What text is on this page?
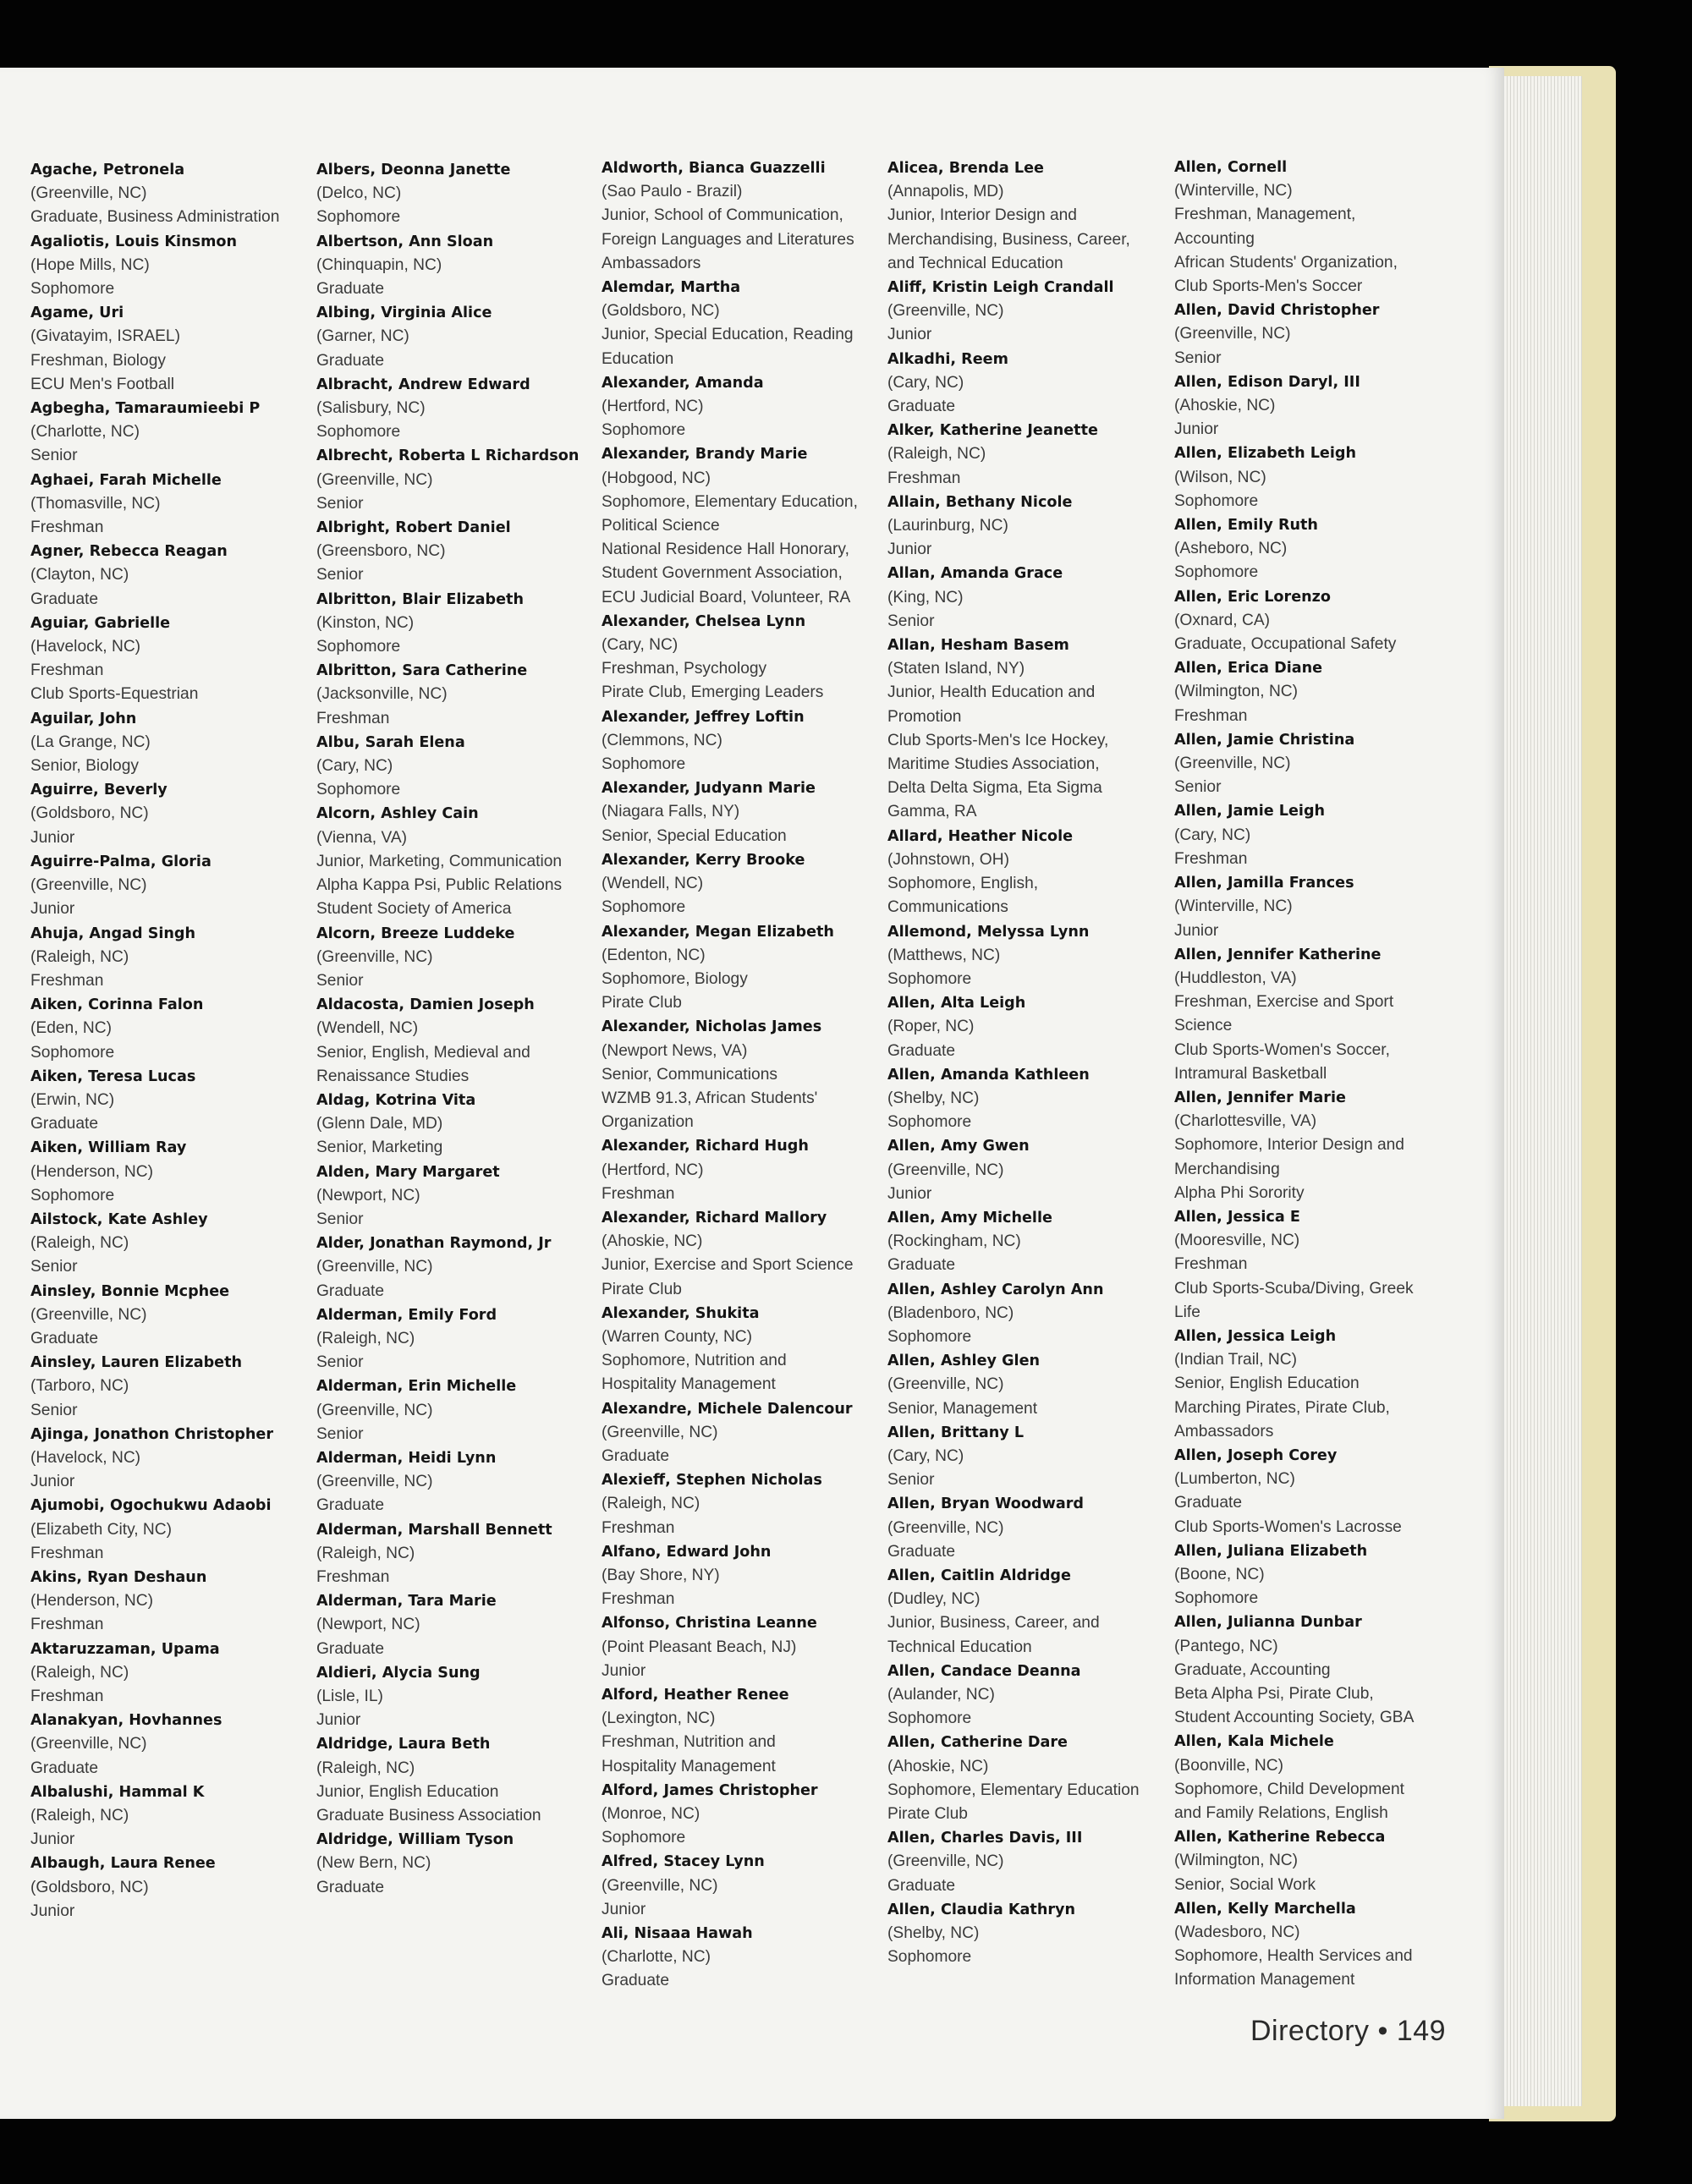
Agache, Petronela
(Greenville, NC)
Graduate, Business Administration
Agaliotis, Louis Kinsmon
(Hope Mills, NC)
Sophomore
Agame, Uri
(Givatayim, ISRAEL)
Freshman, Biology
ECU Men's Football
Agbegha, Tamaraumieebi P
(Charlotte, NC)
Senior
Aghaei, Farah Michelle
(Thomasville, NC)
Freshman
Agner, Rebecca Reagan
(Clayton, NC)
Graduate
Aguiar, Gabrielle
(Havelock, NC)
Freshman
Club Sports-Equestrian
Aguilar, John
(La Grange, NC)
Senior, Biology
Aguirre, Beverly
(Goldsboro, NC)
Junior
Aguirre-Palma, Gloria
(Greenville, NC)
Junior
Ahuja, Angad Singh
(Raleigh, NC)
Freshman
Aiken, Corinna Falon
(Eden, NC)
Sophomore
Aiken, Teresa Lucas
(Erwin, NC)
Graduate
Aiken, William Ray
(Henderson, NC)
Sophomore
Ailstock, Kate Ashley
(Raleigh, NC)
Senior
Ainsley, Bonnie Mcphee
(Greenville, NC)
Graduate
Ainsley, Lauren Elizabeth
(Tarboro, NC)
Senior
Ajinga, Jonathon Christopher
(Havelock, NC)
Junior
Ajumobi, Ogochukwu Adaobi
(Elizabeth City, NC)
Freshman
Akins, Ryan Deshaun
(Henderson, NC)
Freshman
Aktaruzzaman, Upama
(Raleigh, NC)
Freshman
Alanakyan, Hovhannes
(Greenville, NC)
Graduate
Albalushi, Hammal K
(Raleigh, NC)
Junior
Albaugh, Laura Renee
(Goldsboro, NC)
Junior
Albers, Deonna Janette
(Delco, NC)
Sophomore
Albertson, Ann Sloan
(Chinquapin, NC)
Graduate
Albing, Virginia Alice
(Garner, NC)
Graduate
Albracht, Andrew Edward
(Salisbury, NC)
Sophomore
Albrecht, Roberta L Richardson
(Greenville, NC)
Senior
Albright, Robert Daniel
(Greensboro, NC)
Senior
Albritton, Blair Elizabeth
(Kinston, NC)
Sophomore
Albritton, Sara Catherine
(Jacksonville, NC)
Freshman
Albu, Sarah Elena
(Cary, NC)
Sophomore
Alcorn, Ashley Cain
(Vienna, VA)
Junior, Marketing, Communication
Alpha Kappa Psi, Public Relations
Student Society of America
Alcorn, Breeze Luddeke
(Greenville, NC)
Senior
Aldacosta, Damien Joseph
(Wendell, NC)
Senior, English, Medieval and
Renaissance Studies
Aldag, Kotrina Vita
(Glenn Dale, MD)
Senior, Marketing
Alden, Mary Margaret
(Newport, NC)
Senior
Alder, Jonathan Raymond, Jr
(Greenville, NC)
Graduate
Alderman, Emily Ford
(Raleigh, NC)
Senior
Alderman, Erin Michelle
(Greenville, NC)
Senior
Alderman, Heidi Lynn
(Greenville, NC)
Graduate
Alderman, Marshall Bennett
(Raleigh, NC)
Freshman
Alderman, Tara Marie
(Newport, NC)
Graduate
Aldieri, Alycia Sung
(Lisle, IL)
Junior
Aldridge, Laura Beth
(Raleigh, NC)
Junior, English Education
Graduate Business Association
Aldridge, William Tyson
(New Bern, NC)
Graduate
Aldworth, Bianca Guazzelli
(Sao Paulo - Brazil)
Junior, School of Communication,
Foreign Languages and Literatures
Ambassadors
Alemdar, Martha
(Goldsboro, NC)
Junior, Special Education, Reading
Education
Alexander, Amanda
(Hertford, NC)
Sophomore
Alexander, Brandy Marie
(Hobgood, NC)
Sophomore, Elementary Education,
Political Science
National Residence Hall Honorary,
Student Government Association,
ECU Judicial Board, Volunteer, RA
Alexander, Chelsea Lynn
(Cary, NC)
Freshman, Psychology
Pirate Club, Emerging Leaders
Alexander, Jeffrey Loftin
(Clemmons, NC)
Sophomore
Alexander, Judyann Marie
(Niagara Falls, NY)
Senior, Special Education
Alexander, Kerry Brooke
(Wendell, NC)
Sophomore
Alexander, Megan Elizabeth
(Edenton, NC)
Sophomore, Biology
Pirate Club
Alexander, Nicholas James
(Newport News, VA)
Senior, Communications
WZMB 91.3, African Students'
Organization
Alexander, Richard Hugh
(Hertford, NC)
Freshman
Alexander, Richard Mallory
(Ahoskie, NC)
Junior, Exercise and Sport Science
Pirate Club
Alexander, Shukita
(Warren County, NC)
Sophomore, Nutrition and
Hospitality Management
Alexandre, Michele Dalencour
(Greenville, NC)
Graduate
Alexieff, Stephen Nicholas
(Raleigh, NC)
Freshman
Alfano, Edward John
(Bay Shore, NY)
Freshman
Alfonso, Christina Leanne
(Point Pleasant Beach, NJ)
Junior
Alford, Heather Renee
(Lexington, NC)
Freshman, Nutrition and
Hospitality Management
Alford, James Christopher
(Monroe, NC)
Sophomore
Alfred, Stacey Lynn
(Greenville, NC)
Junior
Ali, Nisaaa Hawah
(Charlotte, NC)
Graduate
Alicea, Brenda Lee
(Annapolis, MD)
Junior, Interior Design and
Merchandising, Business, Career,
and Technical Education
Aliff, Kristin Leigh Crandall
(Greenville, NC)
Junior
Alkadhi, Reem
(Cary, NC)
Graduate
Alker, Katherine Jeanette
(Raleigh, NC)
Freshman
Allain, Bethany Nicole
(Laurinburg, NC)
Junior
Allan, Amanda Grace
(King, NC)
Senior
Allan, Hesham Basem
(Staten Island, NY)
Junior, Health Education and
Promotion
Club Sports-Men's Ice Hockey,
Maritime Studies Association,
Delta Delta Sigma, Eta Sigma
Gamma, RA
Allard, Heather Nicole
(Johnstown, OH)
Sophomore, English,
Communications
Allemond, Melyssa Lynn
(Matthews, NC)
Sophomore
Allen, Alta Leigh
(Roper, NC)
Graduate
Allen, Amanda Kathleen
(Shelby, NC)
Sophomore
Allen, Amy Gwen
(Greenville, NC)
Junior
Allen, Amy Michelle
(Rockingham, NC)
Graduate
Allen, Ashley Carolyn Ann
(Bladenboro, NC)
Sophomore
Allen, Ashley Glen
(Greenville, NC)
Senior, Management
Allen, Brittany L
(Cary, NC)
Senior
Allen, Bryan Woodward
(Greenville, NC)
Graduate
Allen, Caitlin Aldridge
(Dudley, NC)
Junior, Business, Career, and
Technical Education
Allen, Candace Deanna
(Aulander, NC)
Sophomore
Allen, Catherine Dare
(Ahoskie, NC)
Sophomore, Elementary Education
Pirate Club
Allen, Charles Davis, III
(Greenville, NC)
Graduate
Allen, Claudia Kathryn
(Shelby, NC)
Sophomore
Allen, Cornell
(Winterville, NC)
Freshman, Management,
Accounting
African Students' Organization,
Club Sports-Men's Soccer
Allen, David Christopher
(Greenville, NC)
Senior
Allen, Edison Daryl, III
(Ahoskie, NC)
Junior
Allen, Elizabeth Leigh
(Wilson, NC)
Sophomore
Allen, Emily Ruth
(Asheboro, NC)
Sophomore
Allen, Eric Lorenzo
(Oxnard, CA)
Graduate, Occupational Safety
Allen, Erica Diane
(Wilmington, NC)
Freshman
Allen, Jamie Christina
(Greenville, NC)
Senior
Allen, Jamie Leigh
(Cary, NC)
Freshman
Allen, Jamilla Frances
(Winterville, NC)
Junior
Allen, Jennifer Katherine
(Huddleston, VA)
Freshman, Exercise and Sport
Science
Club Sports-Women's Soccer,
Intramural Basketball
Allen, Jennifer Marie
(Charlottesville, VA)
Sophomore, Interior Design and
Merchandising
Alpha Phi Sorority
Allen, Jessica E
(Mooresville, NC)
Freshman
Club Sports-Scuba/Diving, Greek
Life
Allen, Jessica Leigh
(Indian Trail, NC)
Senior, English Education
Marching Pirates, Pirate Club,
Ambassadors
Allen, Joseph Corey
(Lumberton, NC)
Graduate
Club Sports-Women's Lacrosse
Allen, Juliana Elizabeth
(Boone, NC)
Sophomore
Allen, Julianna Dunbar
(Pantego, NC)
Graduate, Accounting
Beta Alpha Psi, Pirate Club,
Student Accounting Society, GBA
Allen, Kala Michele
(Boonville, NC)
Sophomore, Child Development
and Family Relations, English
Allen, Katherine Rebecca
(Wilmington, NC)
Senior, Social Work
Allen, Kelly Marchella
(Wadesboro, NC)
Sophomore, Health Services and
Information Management
Directory • 149
